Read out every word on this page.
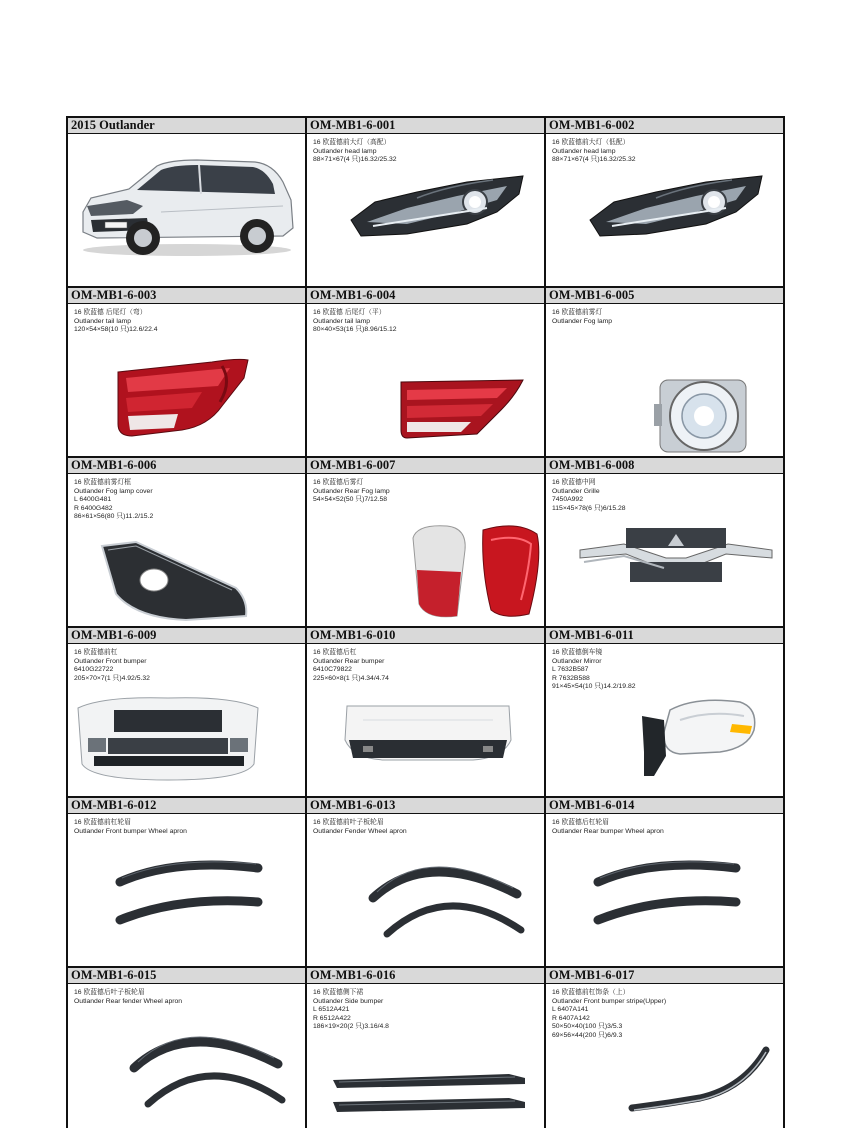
2015 Outlander	OM-MB1-6-001
16 欧蓝德前大灯（高配）
Outlander head lamp
88×71×67(4 只)16.32/25.32
OM-MB1-6-002
16 欧蓝德前大灯（低配）
Outlander head lamp
88×71×67(4 只)16.32/25.32
OM-MB1-6-003
16 欧蓝德 后尾灯（弯）
Outlander tail lamp
120×54×58(10 只)12.6/22.4
OM-MB1-6-004
16 欧蓝德 后尾灯（平）
Outlander tail lamp
80×40×53(16 只)8.96/15.12
OM-MB1-6-005
16 欧蓝德前雾灯
Outlander Fog lamp
OM-MB1-6-006
16 欧蓝德前雾灯框
Outlander Fog lamp cover
L 6400G481
R 6400G482
86×61×56(80 只)11.2/15.2
OM-MB1-6-007
16 欧蓝德后雾灯
Outlander Rear Fog lamp
54×54×52(50 只)7/12.58
OM-MB1-6-008
16 欧蓝德中网
Outlander Grille
7450A992
115×45×78(6 只)6/15.28
OM-MB1-6-009
16 欧蓝德前杠
Outlander Front bumper
6410G22722
205×70×7(1 只)4.92/5.32
OM-MB1-6-010
16 欧蓝德后杠
Outlander Rear bumper
6410C79822
225×60×8(1 只)4.34/4.74
OM-MB1-6-011
16 欧蓝德倒车镜
Outlander Mirror
L 7632B587
R 7632B588
91×45×54(10 只)14.2/19.82
OM-MB1-6-012
16 欧蓝德前杠轮眉
Outlander Front bumper Wheel apron
OM-MB1-6-013
16 欧蓝德前叶子板轮眉
Outlander Fender Wheel apron
OM-MB1-6-014
16 欧蓝德后杠轮眉
Outlander Rear bumper Wheel apron
OM-MB1-6-015
16 欧蓝德后叶子板轮眉
Outlander Rear fender Wheel apron
OM-MB1-6-016
16 欧蓝德侧下裙
Outlander Side bumper
L 6512A421
R 6512A422
186×19×20(2 只)3.16/4.8
OM-MB1-6-017
16 欧蓝德前杠饰条（上）
Outlander Front bumper stripe(Upper)
L 6407A141
R 6407A142
50×50×40(100 只)3/5.3
69×56×44(200 只)6/9.3
